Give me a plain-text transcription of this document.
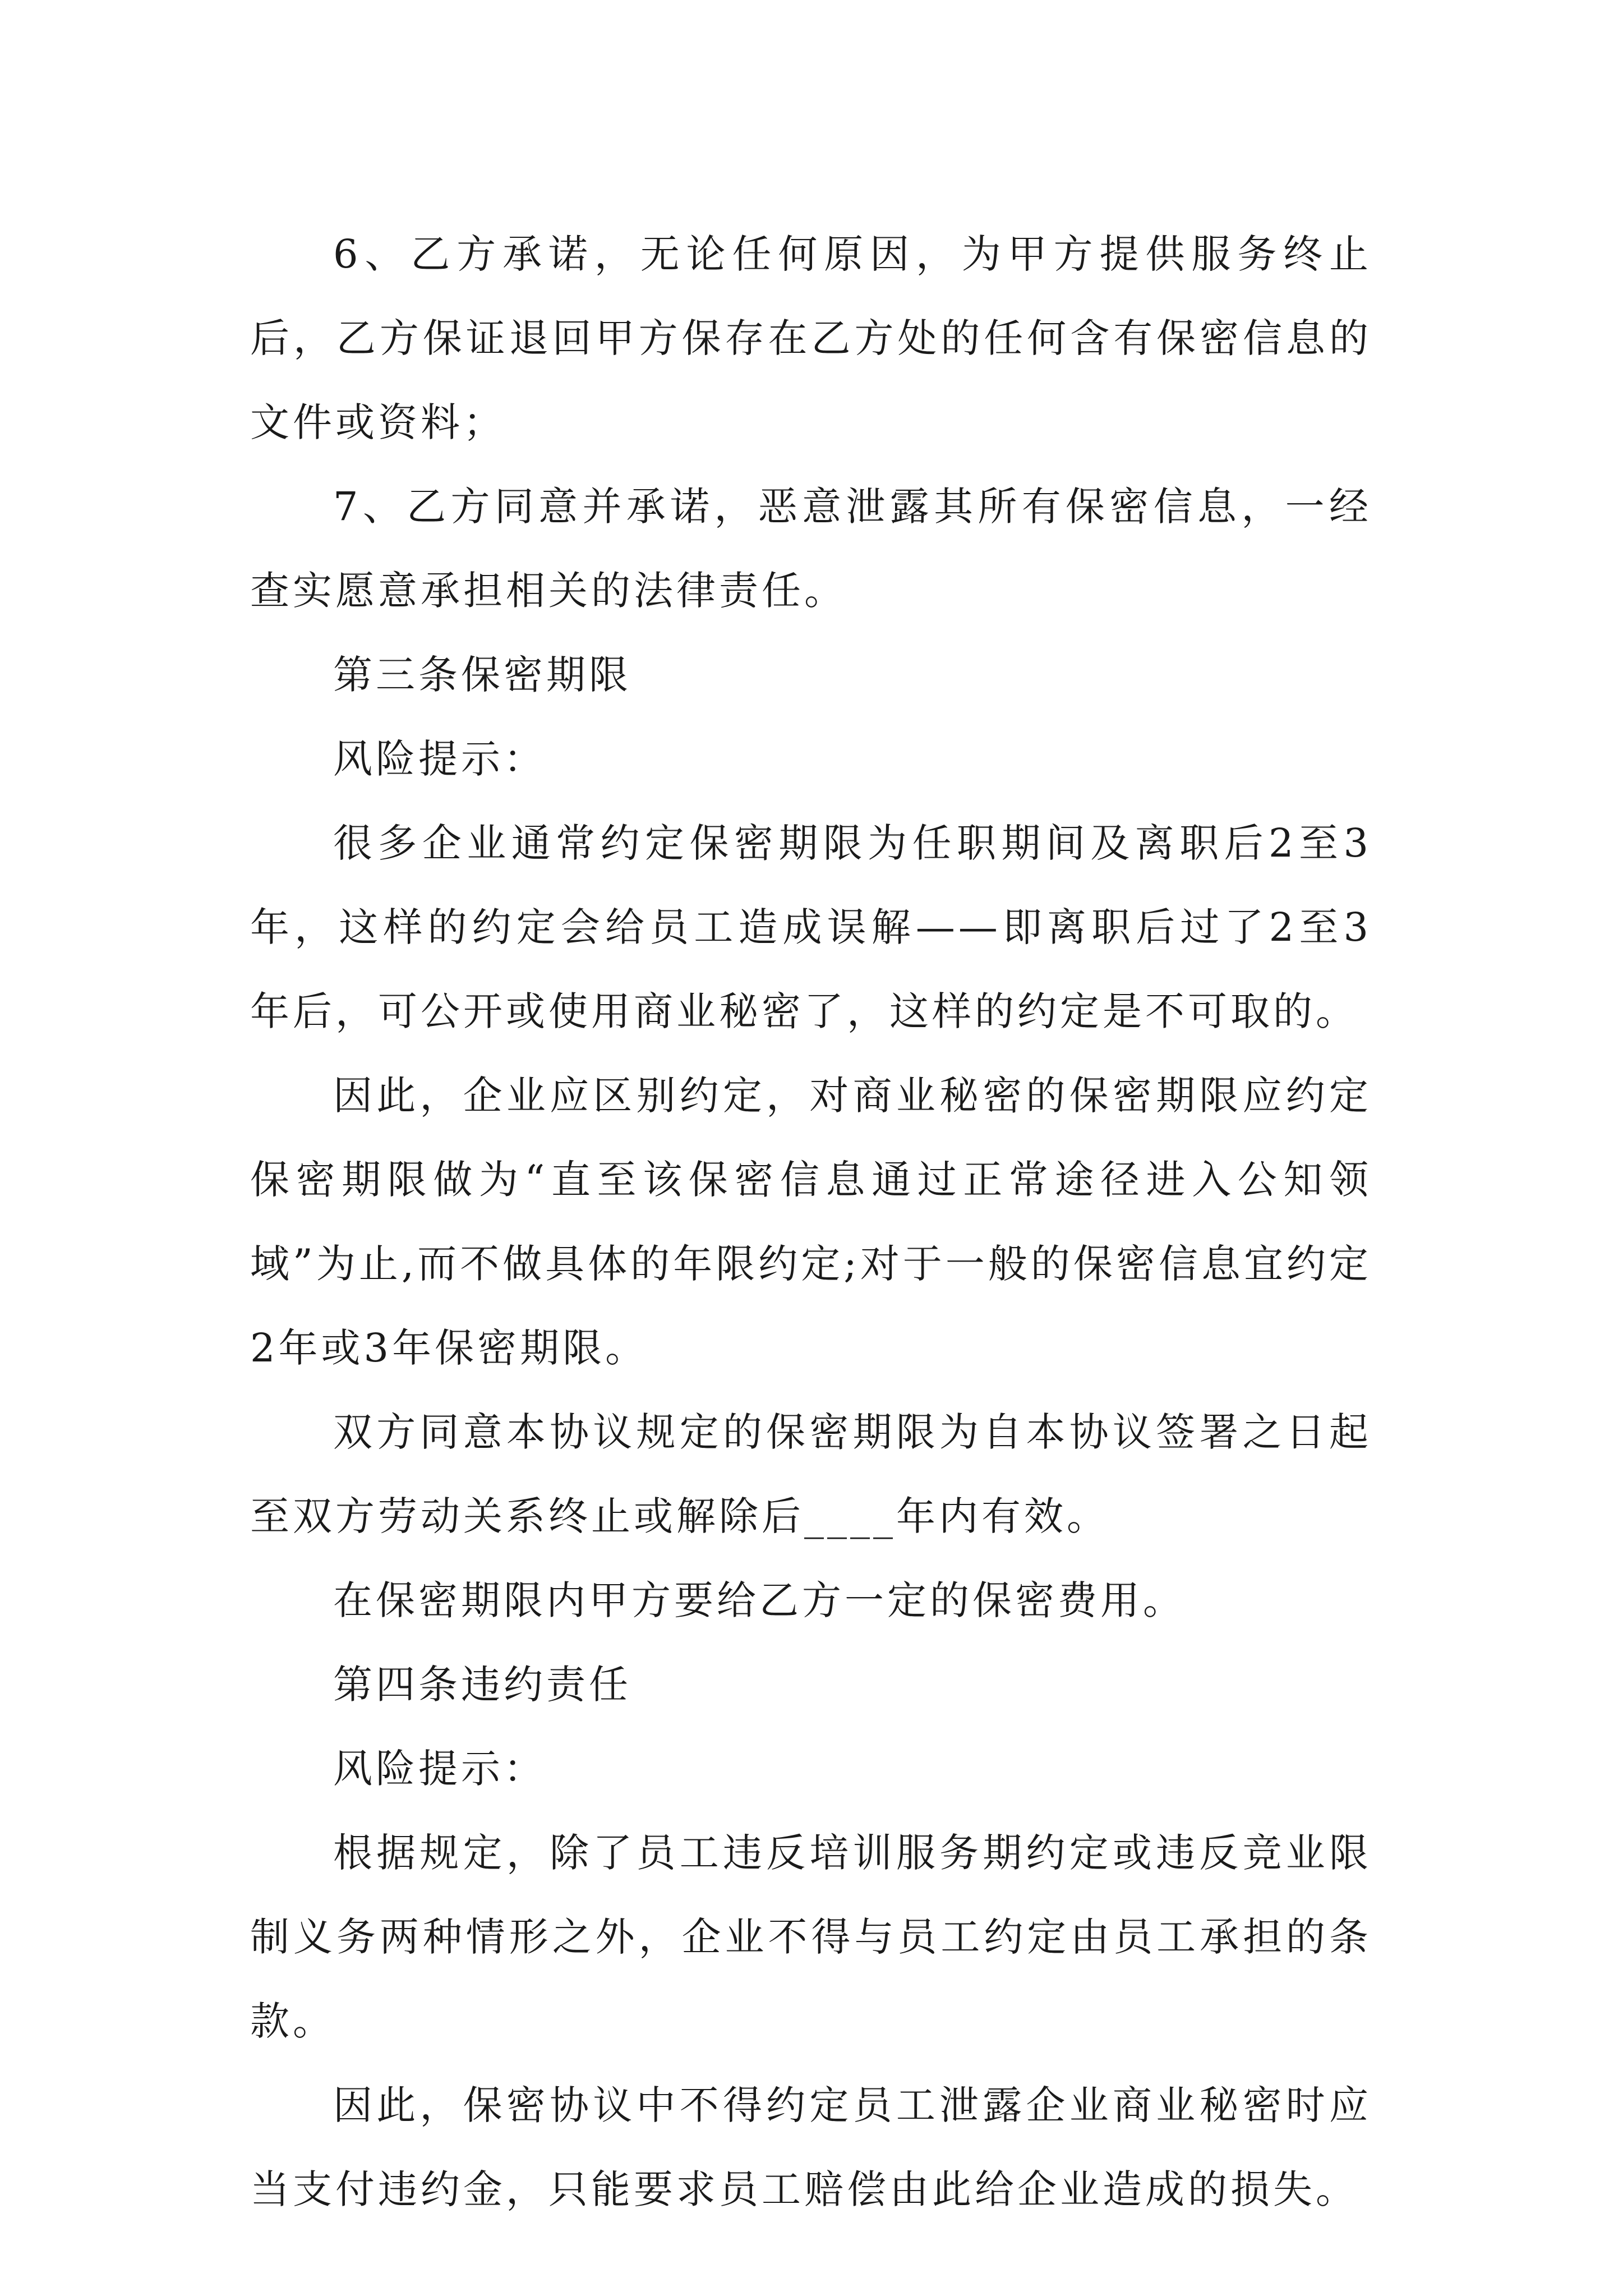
6、乙方承诺，无论任何原因，为甲方提供服务终止后，乙方保证退回甲方保存在乙方处的任何含有保密信息的文件或资料；

7、乙方同意并承诺，恶意泄露其所有保密信息，一经查实愿意承担相关的法律责任。

第三条保密期限

风险提示：

很多企业通常约定保密期限为任职期间及离职后2至3年，这样的约定会给员工造成误解——即离职后过了2至3年后，可公开或使用商业秘密了，这样的约定是不可取的。

因此，企业应区别约定，对商业秘密的保密期限应约定保密期限做为“直至该保密信息通过正常途径进入公知领域”为止,而不做具体的年限约定;对于一般的保密信息宜约定2年或3年保密期限。

双方同意本协议规定的保密期限为自本协议签署之日起至双方劳动关系终止或解除后____年内有效。

在保密期限内甲方要给乙方一定的保密费用。

第四条违约责任

风险提示：

根据规定，除了员工违反培训服务期约定或违反竞业限制义务两种情形之外，企业不得与员工约定由员工承担的条款。

因此，保密协议中不得约定员工泄露企业商业秘密时应当支付违约金，只能要求员工赔偿由此给企业造成的损失。
